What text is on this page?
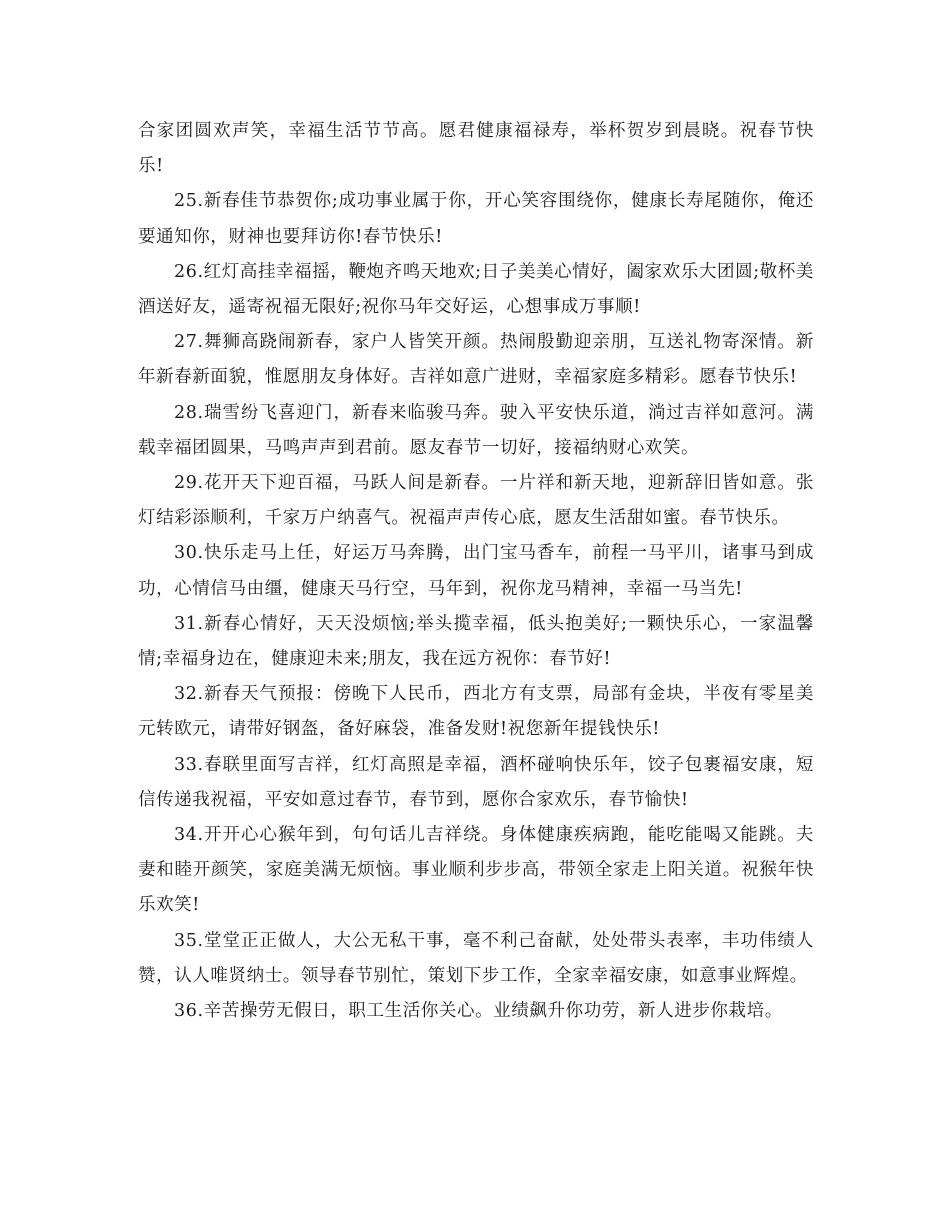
合家团圆欢声笑，幸福生活节节高。愿君健康福禄寿，举杯贺岁到晨晓。祝春节快乐!

25.新春佳节恭贺你;成功事业属于你，开心笑容围绕你，健康长寿尾随你，俺还要通知你，财神也要拜访你!春节快乐!

26.红灯高挂幸福摇，鞭炮齐鸣天地欢;日子美美心情好，阖家欢乐大团圆;敬杯美酒送好友，遥寄祝福无限好;祝你马年交好运，心想事成万事顺!

27.舞狮高跷闹新春，家户人皆笑开颜。热闹殷勤迎亲朋，互送礼物寄深情。新年新春新面貌，惟愿朋友身体好。吉祥如意广进财，幸福家庭多精彩。愿春节快乐!

28.瑞雪纷飞喜迎门，新春来临骏马奔。驶入平安快乐道，淌过吉祥如意河。满载幸福团圆果，马鸣声声到君前。愿友春节一切好，接福纳财心欢笑。

29.花开天下迎百福，马跃人间是新春。一片祥和新天地，迎新辞旧皆如意。张灯结彩添顺利，千家万户纳喜气。祝福声声传心底，愿友生活甜如蜜。春节快乐。

30.快乐走马上任，好运万马奔腾，出门宝马香车，前程一马平川，诸事马到成功，心情信马由缰，健康天马行空，马年到，祝你龙马精神，幸福一马当先!

31.新春心情好，天天没烦恼;举头揽幸福，低头抱美好;一颗快乐心，一家温馨情;幸福身边在，健康迎未来;朋友，我在远方祝你：春节好!

32.新春天气预报：傍晚下人民币，西北方有支票，局部有金块，半夜有零星美元转欧元，请带好钢盔，备好麻袋，准备发财!祝您新年提钱快乐!

33.春联里面写吉祥，红灯高照是幸福，酒杯碰响快乐年，饺子包裹福安康，短信传递我祝福，平安如意过春节，春节到，愿你合家欢乐，春节愉快!

34.开开心心猴年到，句句话儿吉祥绕。身体健康疾病跑，能吃能喝又能跳。夫妻和睦开颜笑，家庭美满无烦恼。事业顺利步步高，带领全家走上阳关道。祝猴年快乐欢笑!

35.堂堂正正做人，大公无私干事，毫不利己奋献，处处带头表率，丰功伟绩人赞，认人唯贤纳士。领导春节别忙，策划下步工作，全家幸福安康，如意事业辉煌。

36.辛苦操劳无假日，职工生活你关心。业绩飙升你功劳，新人进步你栽培。
